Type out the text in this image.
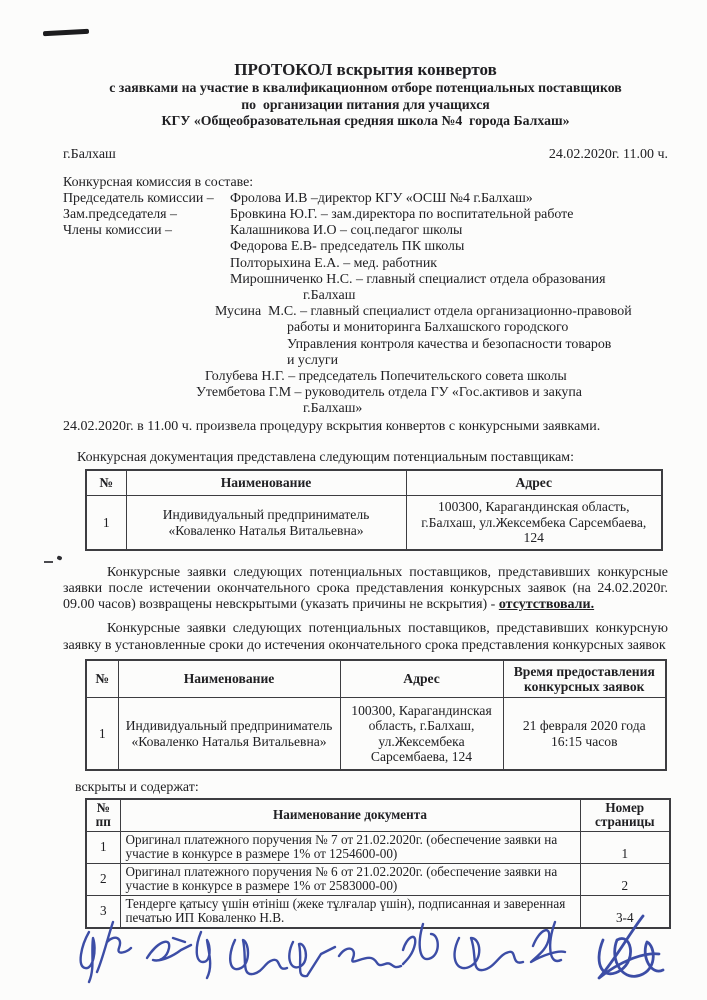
ПРОТОКОЛ вскрытия конвертов
с заявками на участие в квалификационном отборе потенциальных поставщиков
по  организации питания для учащихся
КГУ «Общеобразовательная средняя школа №4  города Балхаш»
г.Балхаш	24.02.2020г. 11.00 ч.
Конкурсная комиссия в составе:
Председатель комиссии –	Фролова И.В –директор КГУ «ОСШ №4 г.Балхаш»
Зам.председателя –	Бровкина Ю.Г. – зам.директора по воспитательной работе
Члены комиссии –	Калашникова И.О – соц.педагог школы
Федорова Е.В- председатель ПК школы
Полторыхина Е.А. – мед. работник
Мирошниченко Н.С. – главный специалист отдела образования
г.Балхаш
Мусина  М.С. – главный специалист отдела организационно-правовой
работы и мониторинга Балхашского городского
Управления контроля качества и безопасности товаров
и услуги
Голубева Н.Г. – председатель Попечительского совета школы
Утембетова Г.М – руководитель отдела ГУ «Гос.активов и закупа
г.Балхаш»
24.02.2020г. в 11.00 ч. произвела процедуру вскрытия конвертов с конкурсными заявками.
Конкурсная документация представлена следующим потенциальным поставщикам:
№	Наименование	Адрес
1	Индивидуальный предприниматель «Коваленко Наталья Витальевна»	100300, Карагандинская область, г.Балхаш, ул.Жексембека Сарсембаева, 124

Конкурсные заявки следующих потенциальных поставщиков, представивших конкурсные заявки после истечении окончательного срока представления конкурсных заявок (на 24.02.2020г. 09.00 часов) возвращены невскрытыми (указать причины не вскрытия) - отсутствовали.

Конкурсные заявки следующих потенциальных поставщиков, представивших конкурсную заявку в установленные сроки до истечения окончательного срока представления конкурсных заявок

№	Наименование	Адрес	Время предоставления конкурсных заявок
1	Индивидуальный предприниматель «Коваленко Наталья Витальевна»	100300, Карагандинская область, г.Балхаш, ул.Жексембека Сарсембаева, 124	21 февраля 2020 года 16:15 часов
вскрыты и содержат:
№ пп	Наименование документа	Номер страницы
1	Оригинал платежного поручения № 7 от 21.02.2020г. (обеспечение заявки на участие в конкурсе в размере 1% от 1254600-00)	1
2	Оригинал платежного поручения № 6 от 21.02.2020г. (обеспечение заявки на участие в конкурсе в размере 1% от 2583000-00)	2
3	Тендерге қатысу үшін өтініш (жеке тұлғалар үшін), подписанная и заверенная печатью ИП Коваленко Н.В.	3-4
